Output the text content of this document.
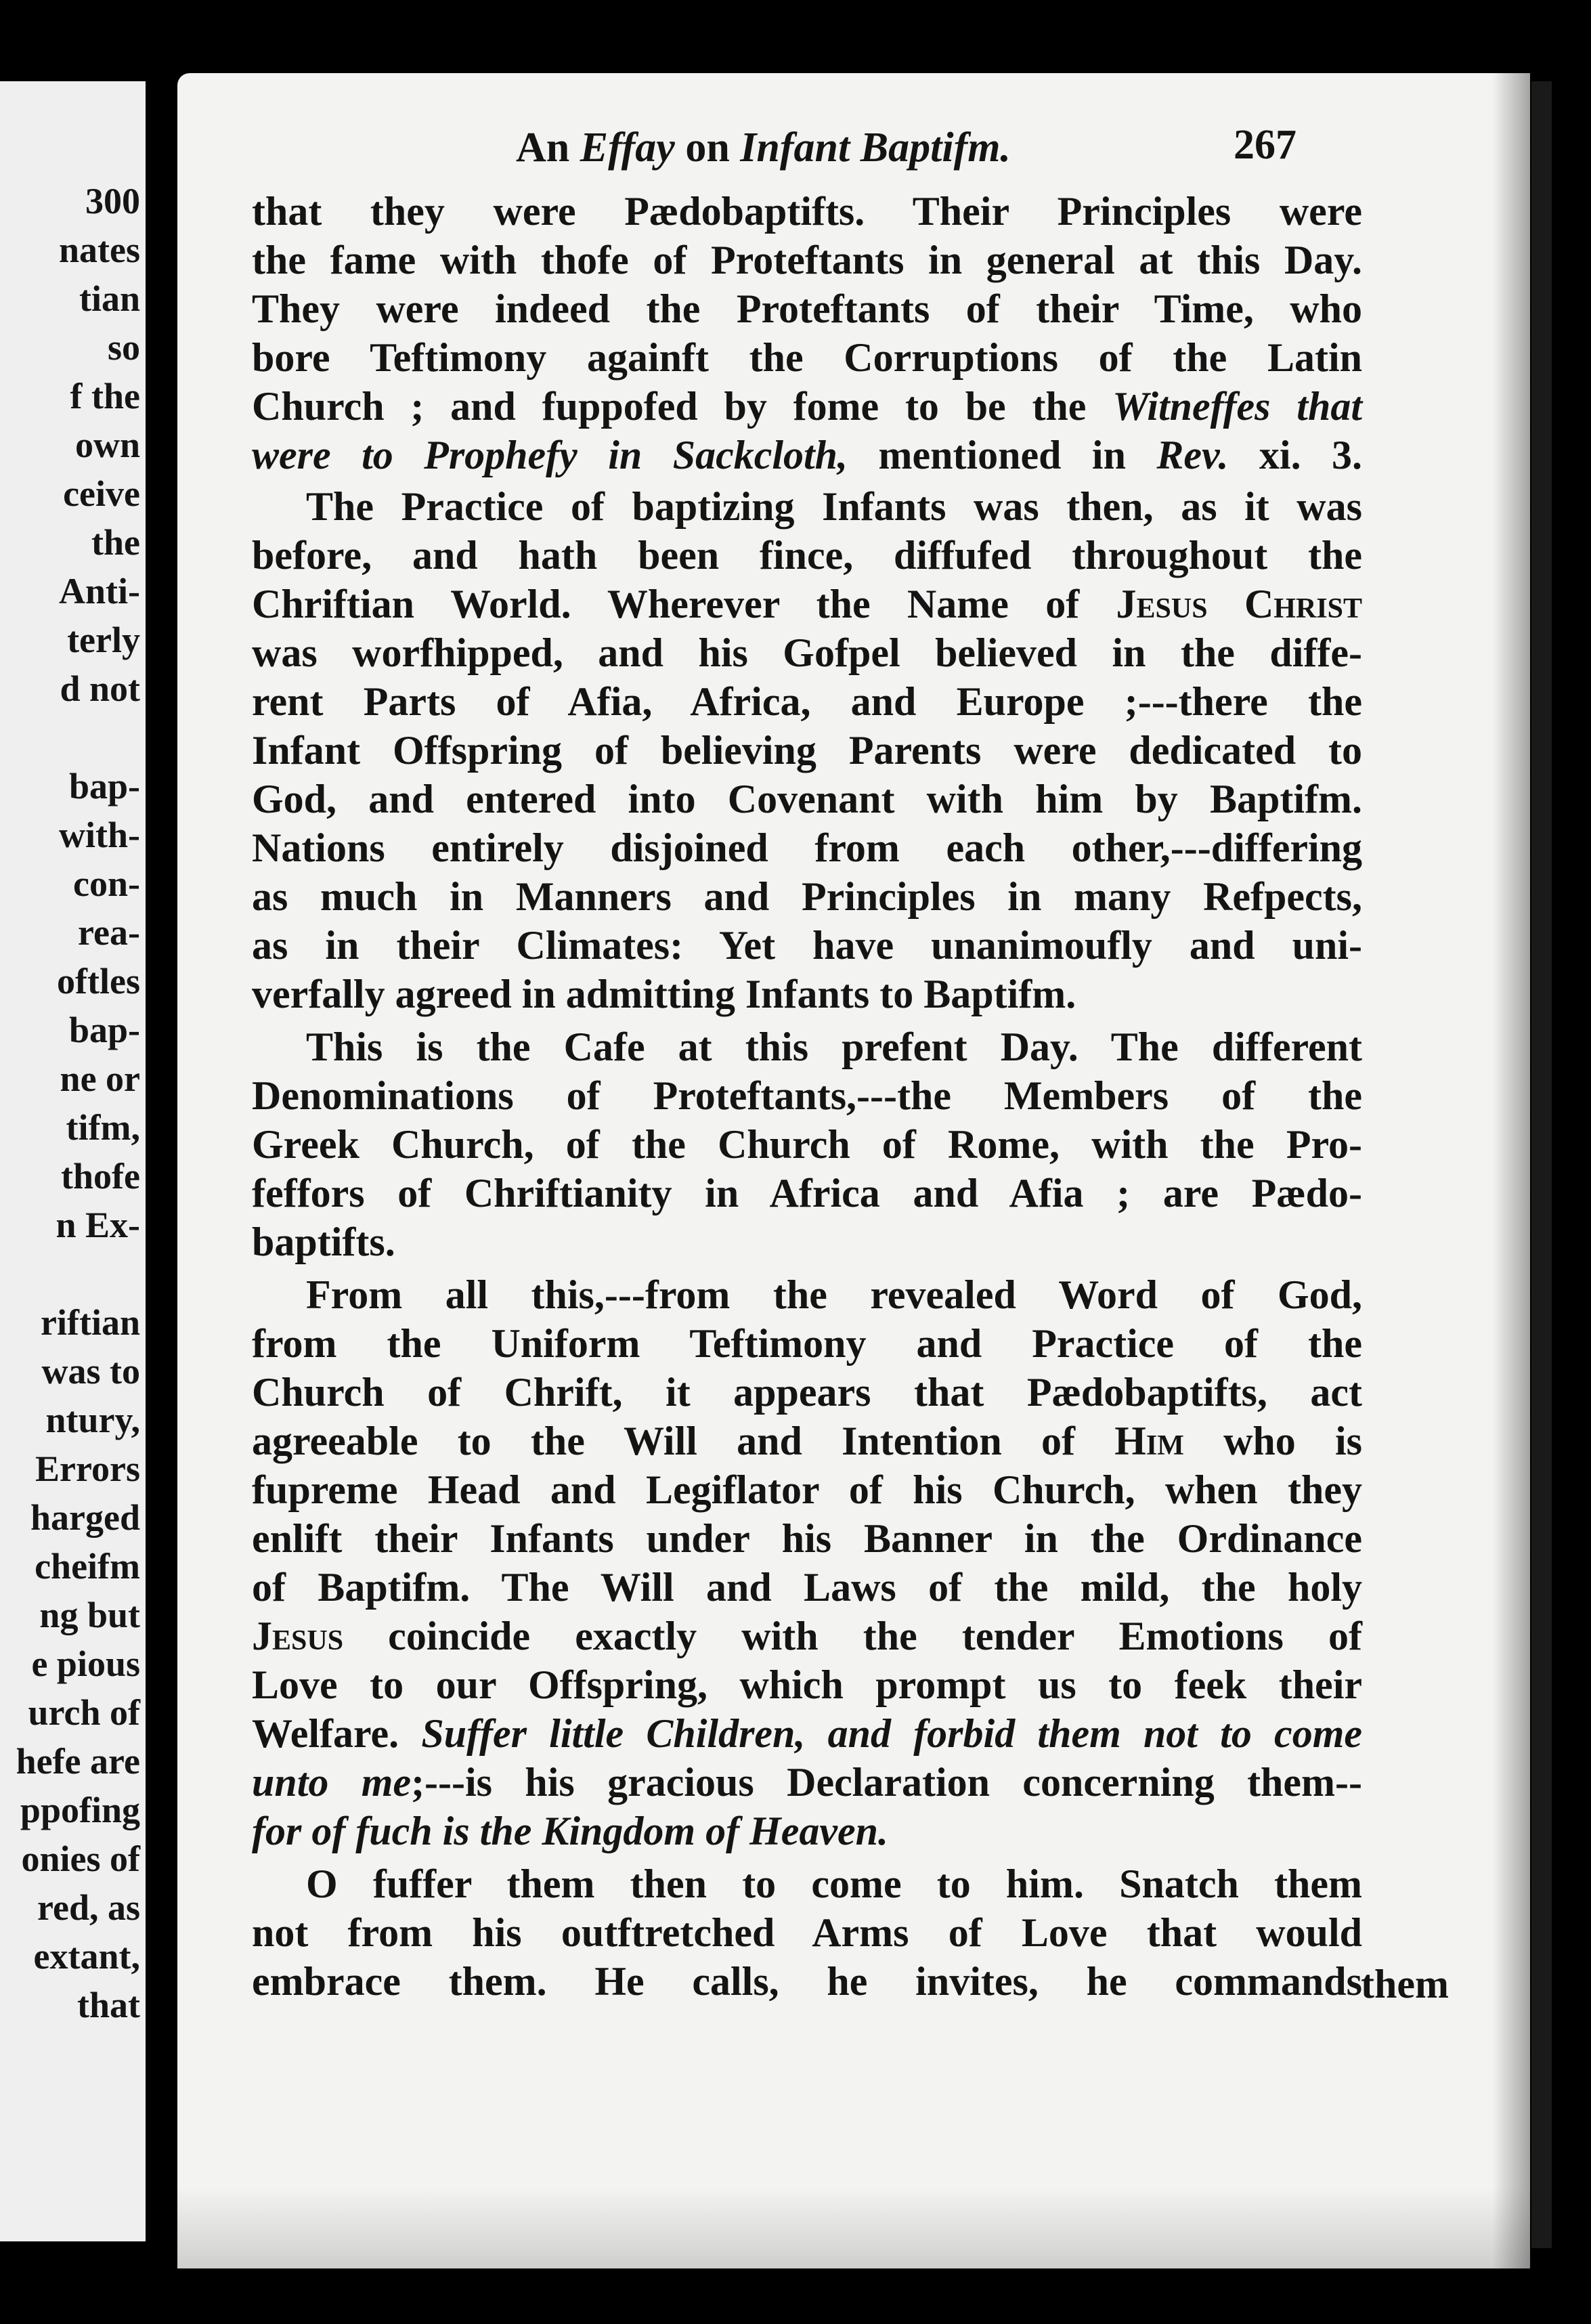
300
nates
tian
so
f the
own
ceive
the
Anti-
terly
d not
bap-
with-
con-
rea-
oftles
bap-
ne or
tifm,
thofe
n Ex-
riftian
was to
ntury,
Errors
harged
cheifm
ng but
e pious
urch of
hefe are
ppofing
onies of
red, as
extant,
that
An Effay on Infant Baptifm.	267
that they were Pædobaptifts. Their Principles were
the fame with thofe of Proteftants in general at this Day.
They were indeed the Proteftants of their Time, who
bore Teftimony againft the Corruptions of the Latin
Church ; and fuppofed by fome to be the Witneffes that
were to Prophefy in Sackcloth, mentioned in Rev. xi. 3.
The Practice of baptizing Infants was then, as it was
before, and hath been fince, diffufed throughout the
Chriftian World. Wherever the Name of Jesus Christ
was worfhipped, and his Gofpel believed in the diffe-
rent Parts of Afia, Africa, and Europe ;---there the
Infant Offspring of believing Parents were dedicated to
God, and entered into Covenant with him by Baptifm.
Nations entirely disjoined from each other,---differing
as much in Manners and Principles in many Refpects,
as in their Climates: Yet have unanimoufly and uni-
verfally agreed in admitting Infants to Baptifm.
This is the Cafe at this prefent Day. The different
Denominations of Proteftants,---the Members of the
Greek Church, of the Church of Rome, with the Pro-
feffors of Chriftianity in Africa and Afia ; are Pædo-
baptifts.
From all this,---from the revealed Word of God,
from the Uniform Teftimony and Practice of the
Church of Chrift, it appears that Pædobaptifts, act
agreeable to the Will and Intention of Him who is
fupreme Head and Legiflator of his Church, when they
enlift their Infants under his Banner in the Ordinance
of Baptifm. The Will and Laws of the mild, the holy
Jesus coincide exactly with the tender Emotions of
Love to our Offspring, which prompt us to feek their
Welfare. Suffer little Children, and forbid them not to come
unto me;---is his gracious Declaration concerning them--
for of fuch is the Kingdom of Heaven.
O fuffer them then to come to him. Snatch them
not from his outftretched Arms of Love that would
embrace them. He calls, he invites, he commands
them
